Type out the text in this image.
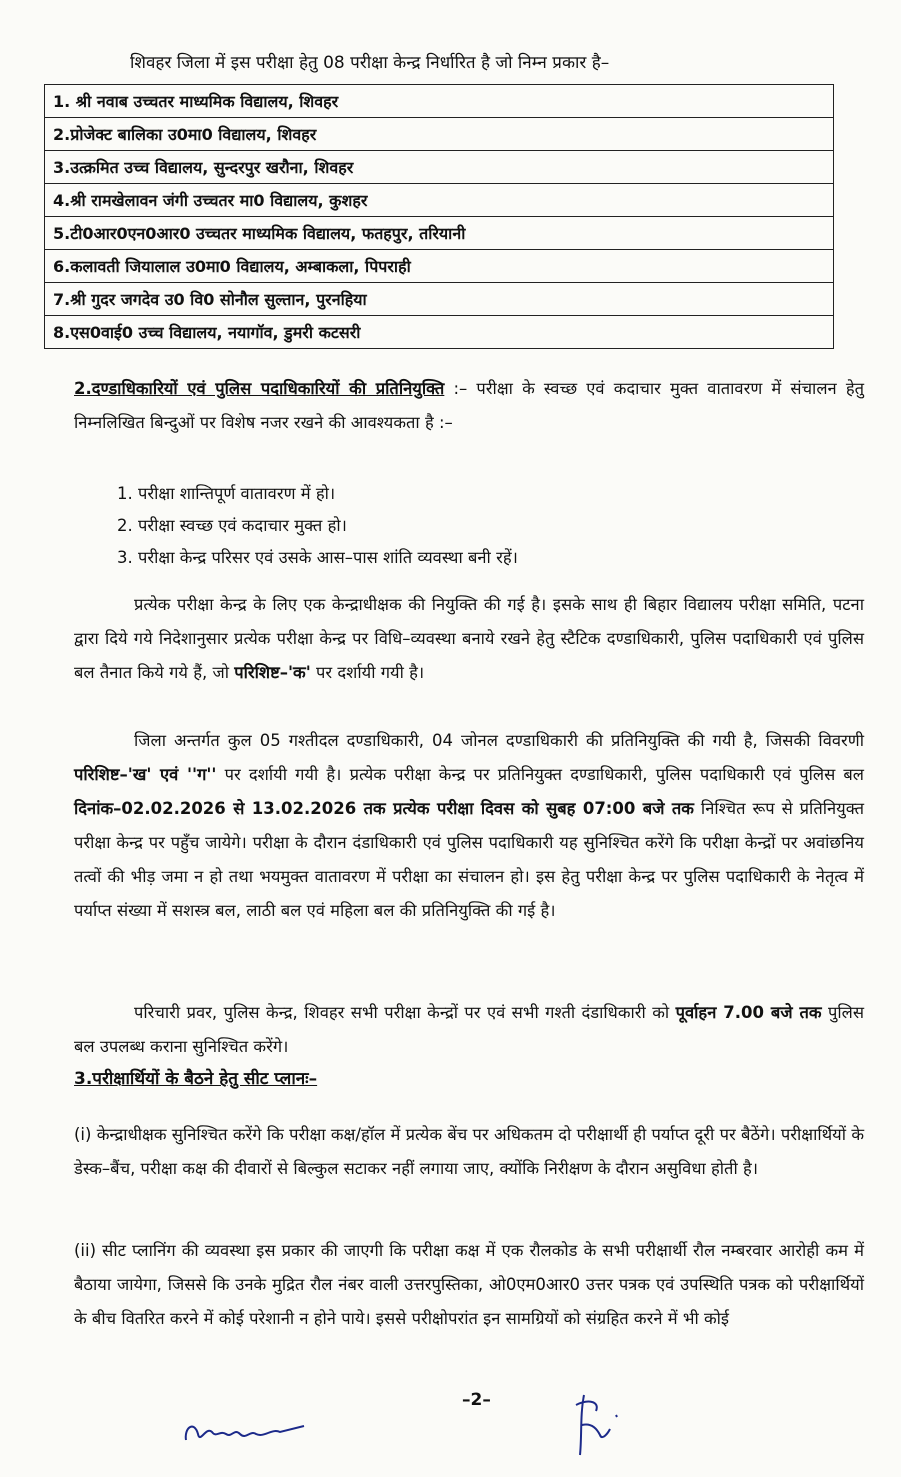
शिवहर जिला में इस परीक्षा हेतु 08 परीक्षा केन्द्र निर्धारित है जो निम्न प्रकार है–
1. श्री नवाब उच्चतर माध्यमिक विद्यालय, शिवहर
2.प्रोजेक्ट बालिका उ0मा0 विद्यालय, शिवहर
3.उत्क्रमित उच्च विद्यालय, सुन्दरपुर खरौना, शिवहर
4.श्री रामखेलावन जंगी उच्चतर मा0 विद्यालय, कुशहर
5.टी0आर0एन0आर0 उच्चतर माध्यमिक विद्यालय, फतहपुर, तरियानी
6.कलावती जियालाल उ0मा0 विद्यालय, अम्बाकला, पिपराही
7.श्री गुदर जगदेव उ0 वि0 सोनौल सुल्तान, पुरनहिया
8.एस0वाई0 उच्च विद्यालय, नयागॉव, डुमरी कटसरी

2.दण्डाधिकारियों एवं पुलिस पदाधिकारियों की प्रतिनियुक्ति :– परीक्षा के स्वच्छ एवं कदाचार मुक्त वातावरण में संचालन हेतु निम्नलिखित बिन्दुओं पर विशेष नजर रखने की आवश्यकता है :–

1. परीक्षा शान्तिपूर्ण वातावरण में हो।
2. परीक्षा स्वच्छ एवं कदाचार मुक्त हो।
3. परीक्षा केन्द्र परिसर एवं उसके आस–पास शांति व्यवस्था बनी रहें।

प्रत्येक परीक्षा केन्द्र के लिए एक केन्द्राधीक्षक की नियुक्ति की गई है। इसके साथ ही बिहार विद्यालय परीक्षा समिति, पटना द्वारा दिये गये निदेशानुसार प्रत्येक परीक्षा केन्द्र पर विधि–व्यवस्था बनाये रखने हेतु स्टैटिक दण्डाधिकारी, पुलिस पदाधिकारी एवं पुलिस बल तैनात किये गये हैं, जो परिशिष्ट–'क' पर दर्शायी गयी है।

जिला अन्तर्गत कुल 05 गश्तीदल दण्डाधिकारी, 04 जोनल दण्डाधिकारी की प्रतिनियुक्ति की गयी है, जिसकी विवरणी परिशिष्ट–'ख' एवं ''ग'' पर दर्शायी गयी है। प्रत्येक परीक्षा केन्द्र पर प्रतिनियुक्त दण्डाधिकारी, पुलिस पदाधिकारी एवं पुलिस बल दिनांक–02.02.2026 से 13.02.2026 तक प्रत्येक परीक्षा दिवस को सुबह 07:00 बजे तक निश्चित रूप से प्रतिनियुक्त परीक्षा केन्द्र पर पहुँच जायेगे। परीक्षा के दौरान दंडाधिकारी एवं पुलिस पदाधिकारी यह सुनिश्चित करेंगे कि परीक्षा केन्द्रों पर अवांछनिय तत्वों की भीड़ जमा न हो तथा भयमुक्त वातावरण में परीक्षा का संचालन हो। इस हेतु परीक्षा केन्द्र पर पुलिस पदाधिकारी के नेतृत्व में पर्याप्त संख्या में सशस्त्र बल, लाठी बल एवं महिला बल की प्रतिनियुक्ति की गई है।

परिचारी प्रवर, पुलिस केन्द्र, शिवहर सभी परीक्षा केन्द्रों पर एवं सभी गश्ती दंडाधिकारी को पूर्वाहन 7.00 बजे तक पुलिस बल उपलब्ध कराना सुनिश्चित करेंगे।

3.परीक्षार्थियों के बैठने हेतु सीट प्लानः–

(i) केन्द्राधीक्षक सुनिश्चित करेंगे कि परीक्षा कक्ष/हॉल में प्रत्येक बेंच पर अधिकतम दो परीक्षार्थी ही पर्याप्त दूरी पर बैठेंगे। परीक्षार्थियों के डेस्क–बैंच, परीक्षा कक्ष की दीवारों से बिल्कुल सटाकर नहीं लगाया जाए, क्योंकि निरीक्षण के दौरान असुविधा होती है।

(ii) सीट प्लानिंग की व्यवस्था इस प्रकार की जाएगी कि परीक्षा कक्ष में एक रौलकोड के सभी परीक्षार्थी रौल नम्बरवार आरोही कम में बैठाया जायेगा, जिससे कि उनके मुद्रित रौल नंबर वाली उत्तरपुस्तिका, ओ0एम0आर0 उत्तर पत्रक एवं उपस्थिति पत्रक को परीक्षार्थियों के बीच वितरित करने में कोई परेशानी न होने पाये। इससे परीक्षोपरांत इन सामग्रियों को संग्रहित करने में भी कोई

–2–
